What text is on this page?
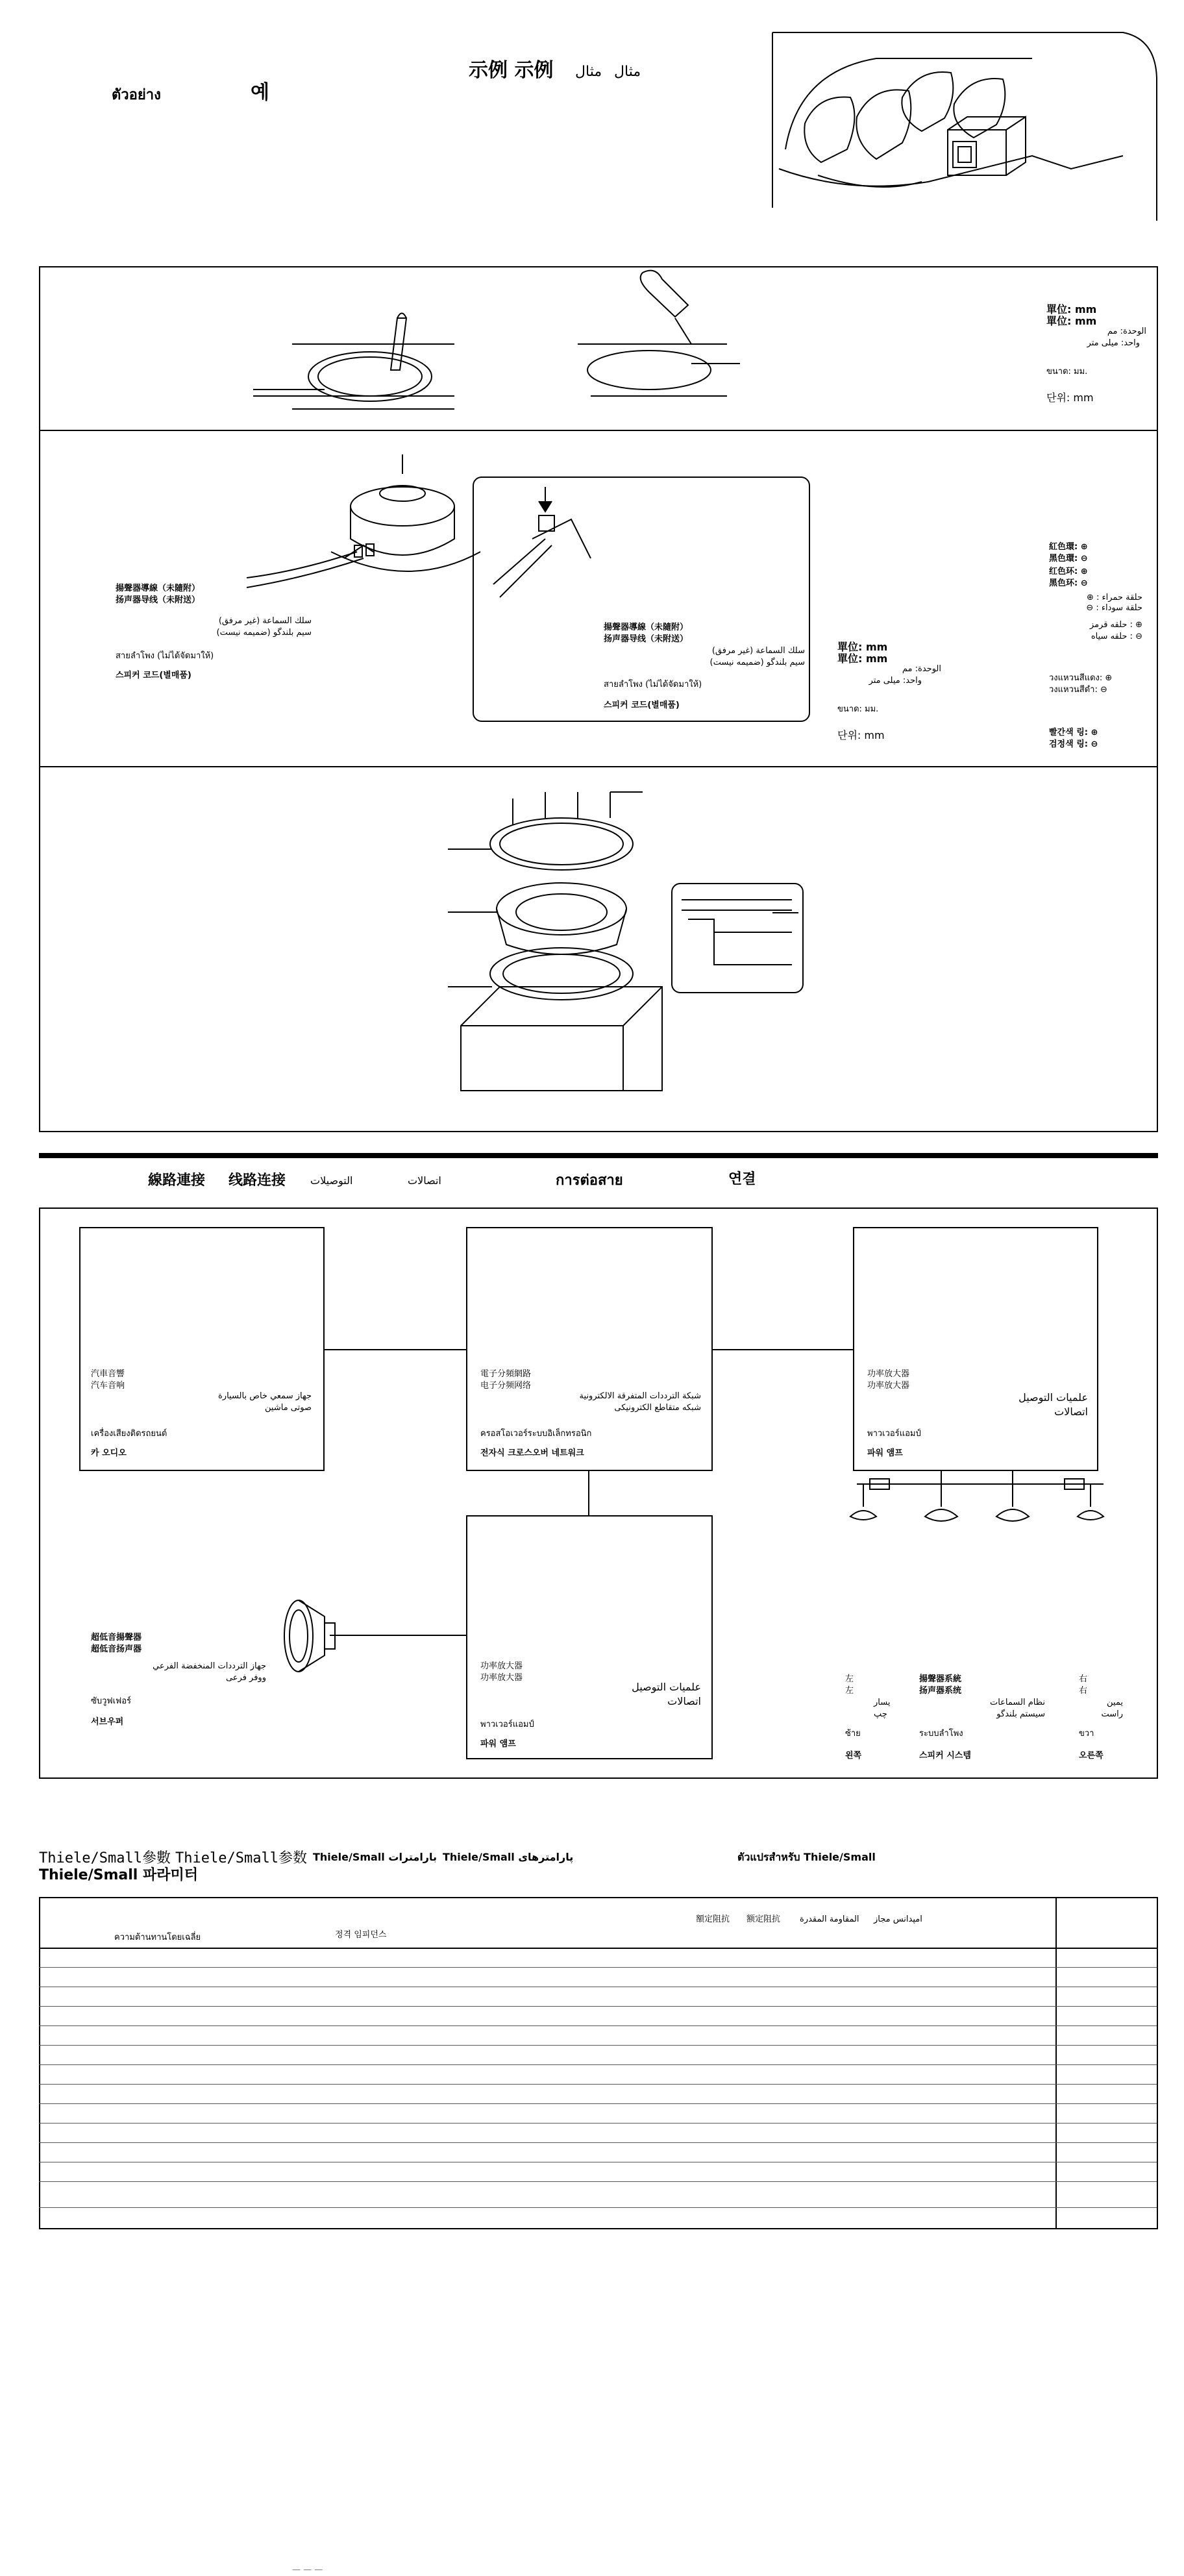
示例 示例 مثال مثال
ตัวอย่าง	예
單位: mm
單位: mm
الوحدة: مم
واحد: میلی متر
ขนาด: มม.
단위: mm
揚聲器導線（未隨附）
扬声器导线（未附送）
سلك السماعة (غير مرفق)
سیم بلندگو (ضمیمه نیست)
สายลำโพง (ไม่ได้จัดมาให้)
스피커 코드(별매품)
揚聲器導線（未隨附）
扬声器导线（未附送）
سلك السماعة (غير مرفق)
سیم بلندگو (ضمیمه نیست)
สายลำโพง (ไม่ได้จัดมาให้)
스피커 코드(별매품)
單位: mm
單位: mm
الوحدة: مم
واحد: میلی متر
ขนาด: มม.
단위: mm
紅色環: ⊕
黑色環: ⊖
红色环: ⊕
黑色环: ⊖
حلقة حمراء : ⊕
حلقة سوداء : ⊖
⊕ : حلقه قرمز
⊖ : حلقه سیاه
วงแหวนสีแดง: ⊕
วงแหวนสีดำ: ⊖
빨간색 링: ⊕
검정색 링: ⊖
線路連接 线路连接 التوصيلات	اتصالات	การต่อสาย	연결
汽車音響
汽车音响
جهاز سمعي خاص بالسيارة
صوتی ماشین
เครื่องเสียงติดรถยนต์
카 오디오
電子分頻網路
电子分频网络
شبكة الترددات المتفرقة الالكترونية
شبکه متقاطع الکترونیکی
ครอสโอเวอร์ระบบอิเล็กทรอนิก
전자식 크로스오버 네트워크
功率放大器
功率放大器
علميات التوصيل
اتصالات
พาวเวอร์แอมป์
파워 앰프
功率放大器
功率放大器
علميات التوصيل
اتصالات
พาวเวอร์แอมป์
파워 앰프
超低音揚聲器
超低音扬声器
جهاز الترددات المنخفضة الفرعي
ووفر فرعی
ซับวูฟเฟอร์
서브우퍼
左
左
يسار
چپ
ซ้าย
왼쪽
揚聲器系統
扬声器系统
نظام السماعات
سیستم بلندگو
ระบบลำโพง
스피커 시스템
右
右
يمين
راست
ขวา
오른쪽
Thiele/Small參數 Thiele/Small参数 Thiele/Small بارامترات Thiele/Small پارامترهای	ตัวแปรสำหรับ Thiele/Small
Thiele/Small 파라미터
額定阻抗 额定阻抗 المقاومة المقدرة امپدانس مجاز
ความต้านทานโดยเฉลี่ย	정격 임피던스
— — —
